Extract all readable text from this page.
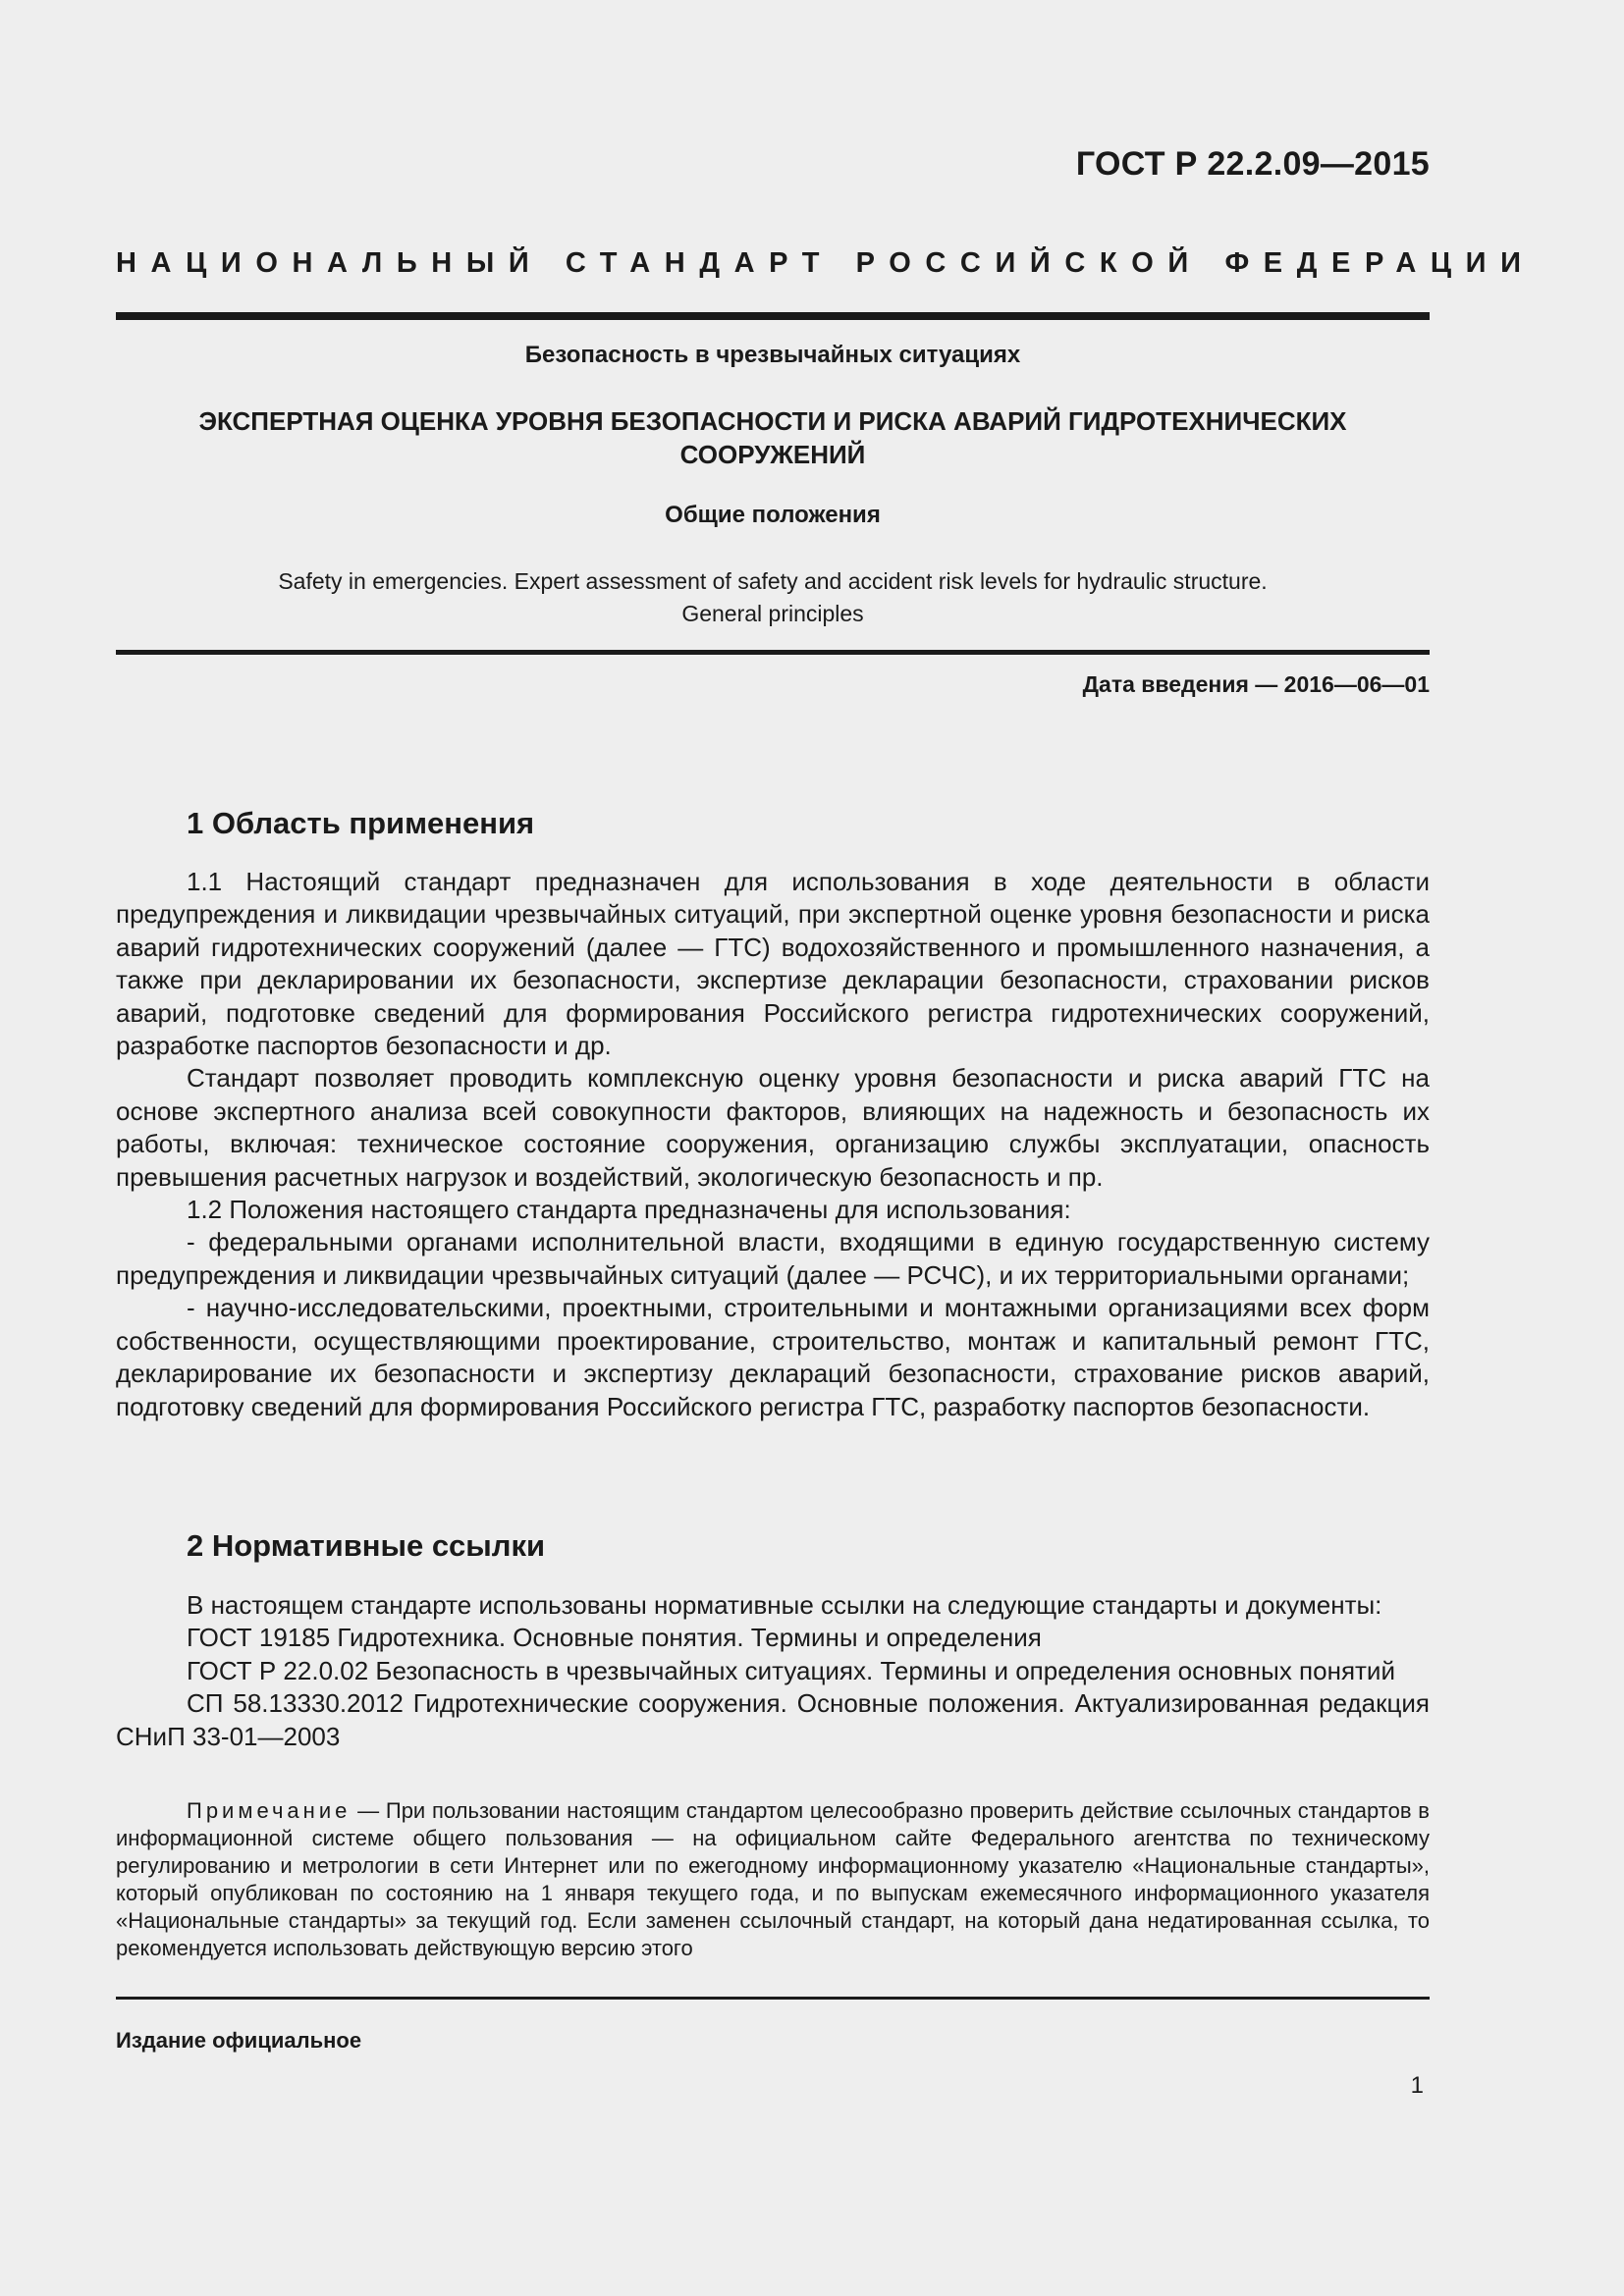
ГОСТ Р 22.2.09—2015
НАЦИОНАЛЬНЫЙ СТАНДАРТ РОССИЙСКОЙ ФЕДЕРАЦИИ
Безопасность в чрезвычайных ситуациях
ЭКСПЕРТНАЯ ОЦЕНКА УРОВНЯ БЕЗОПАСНОСТИ И РИСКА АВАРИЙ ГИДРОТЕХНИЧЕСКИХ
СООРУЖЕНИЙ
Общие положения
Safety in emergencies. Expert assessment of safety and accident risk levels for hydraulic structure.
General principles
Дата введения — 2016—06—01
1 Область применения

1.1 Настоящий стандарт предназначен для использования в ходе деятельности в области предупреждения и ликвидации чрезвычайных ситуаций, при экспертной оценке уровня безопасности и риска аварий гидротехнических сооружений (далее — ГТС) водохозяйственного и промышленного назначения, а также при декларировании их безопасности, экспертизе декларации безопасности, страховании рисков аварий, подготовке сведений для формирования Российского регистра гидротехнических сооружений, разработке паспортов безопасности и др.

Стандарт позволяет проводить комплексную оценку уровня безопасности и риска аварий ГТС на основе экспертного анализа всей совокупности факторов, влияющих на надежность и безопасность их работы, включая: техническое состояние сооружения, организацию службы эксплуатации, опасность превышения расчетных нагрузок и воздействий, экологическую безопасность и пр.

1.2 Положения настоящего стандарта предназначены для использования:

- федеральными органами исполнительной власти, входящими в единую государственную систему предупреждения и ликвидации чрезвычайных ситуаций (далее — РСЧС), и их территориальными органами;

- научно-исследовательскими, проектными, строительными и монтажными организациями всех форм собственности, осуществляющими проектирование, строительство, монтаж и капитальный ремонт ГТС, декларирование их безопасности и экспертизу деклараций безопасности, страхование рисков аварий, подготовку сведений для формирования Российского регистра ГТС, разработку паспортов безопасности.

2 Нормативные ссылки

В настоящем стандарте использованы нормативные ссылки на следующие стандарты и документы:

ГОСТ 19185 Гидротехника. Основные понятия. Термины и определения

ГОСТ Р 22.0.02 Безопасность в чрезвычайных ситуациях. Термины и определения основных понятий

СП 58.13330.2012 Гидротехнические сооружения. Основные положения. Актуализированная редакция СНиП 33-01—2003

Примечание — При пользовании настоящим стандартом целесообразно проверить действие ссылочных стандартов в информационной системе общего пользования — на официальном сайте Федерального агентства по техническому регулированию и метрологии в сети Интернет или по ежегодному информационному указателю «Национальные стандарты», который опубликован по состоянию на 1 января текущего года, и по выпускам ежемесячного информационного указателя «Национальные стандарты» за текущий год. Если заменен ссылочный стандарт, на который дана недатированная ссылка, то рекомендуется использовать действующую версию этого

Издание официальное
1
